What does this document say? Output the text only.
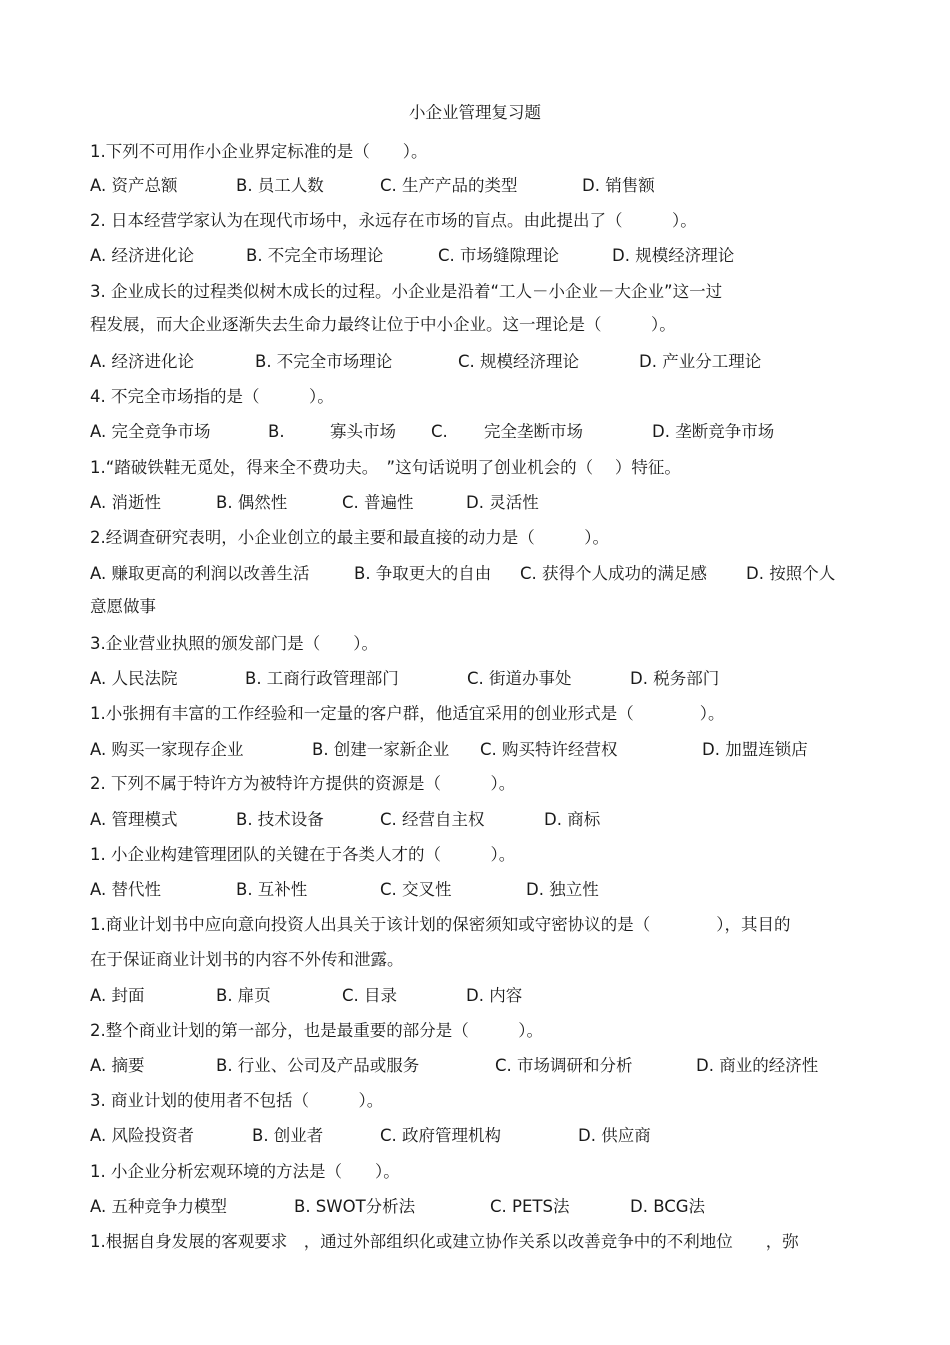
小企业管理复习题
1.下列不可用作小企业界定标准的是（　　）。
A. 资产总额	B. 员工人数	C. 生产产品的类型	D. 销售额
2. 日本经营学家认为在现代市场中，永远存在市场的盲点。由此提出了（　　　）。
A. 经济进化论	B. 不完全市场理论	C. 市场缝隙理论	D. 规模经济理论
3. 企业成长的过程类似树木成长的过程。小企业是沿着“工人－小企业－大企业”这一过
程发展，而大企业逐渐失去生命力最终让位于中小企业。这一理论是（　　　）。
A. 经济进化论	B. 不完全市场理论	C. 规模经济理论	D. 产业分工理论
4. 不完全市场指的是（　　　）。
A. 完全竞争市场	B.	寡头市场 C. 完全垄断市场	D. 垄断竞争市场
1.“踏破铁鞋无觅处，得来全不费功夫。　”这句话说明了创业机会的（　 ）特征。
A. 消逝性	B. 偶然性	C. 普遍性	D. 灵活性
2.经调查研究表明，小企业创立的最主要和最直接的动力是（　　　）。
A. 赚取更高的利润以改善生活	B. 争取更大的自由 C. 获得个人成功的满足感 D. 按照个人
意愿做事
3.企业营业执照的颁发部门是（　　）。
A. 人民法院	B. 工商行政管理部门	C. 街道办事处	D. 税务部门
1.小张拥有丰富的工作经验和一定量的客户群，他适宜采用的创业形式是（　　　　）。
A. 购买一家现存企业	B. 创建一家新企业 C. 购买特许经营权	D. 加盟连锁店
2. 下列不属于特许方为被特许方提供的资源是（　　　）。
A. 管理模式	B. 技术设备	C. 经营自主权	D. 商标
1. 小企业构建管理团队的关键在于各类人才的（　　　）。
A. 替代性	B. 互补性	C. 交叉性	D. 独立性
1.商业计划书中应向意向投资人出具关于该计划的保密须知或守密协议的是（　　　　），其目的
在于保证商业计划书的内容不外传和泄露。
A. 封面	B. 扉页	C. 目录	D. 内容
2.整个商业计划的第一部分，也是最重要的部分是（　　　）。
A. 摘要	B. 行业、公司及产品或服务	C. 市场调研和分析	D. 商业的经济性
3. 商业计划的使用者不包括（　　　）。
A. 风险投资者	B. 创业者	C. 政府管理机构	D. 供应商
1. 小企业分析宏观环境的方法是（　　）。
A. 五种竞争力模型	B. SWOT分析法	C. PETS法	D. BCG法
1.根据自身发展的客观要求　，通过外部组织化或建立协作关系以改善竞争中的不利地位　　，弥
